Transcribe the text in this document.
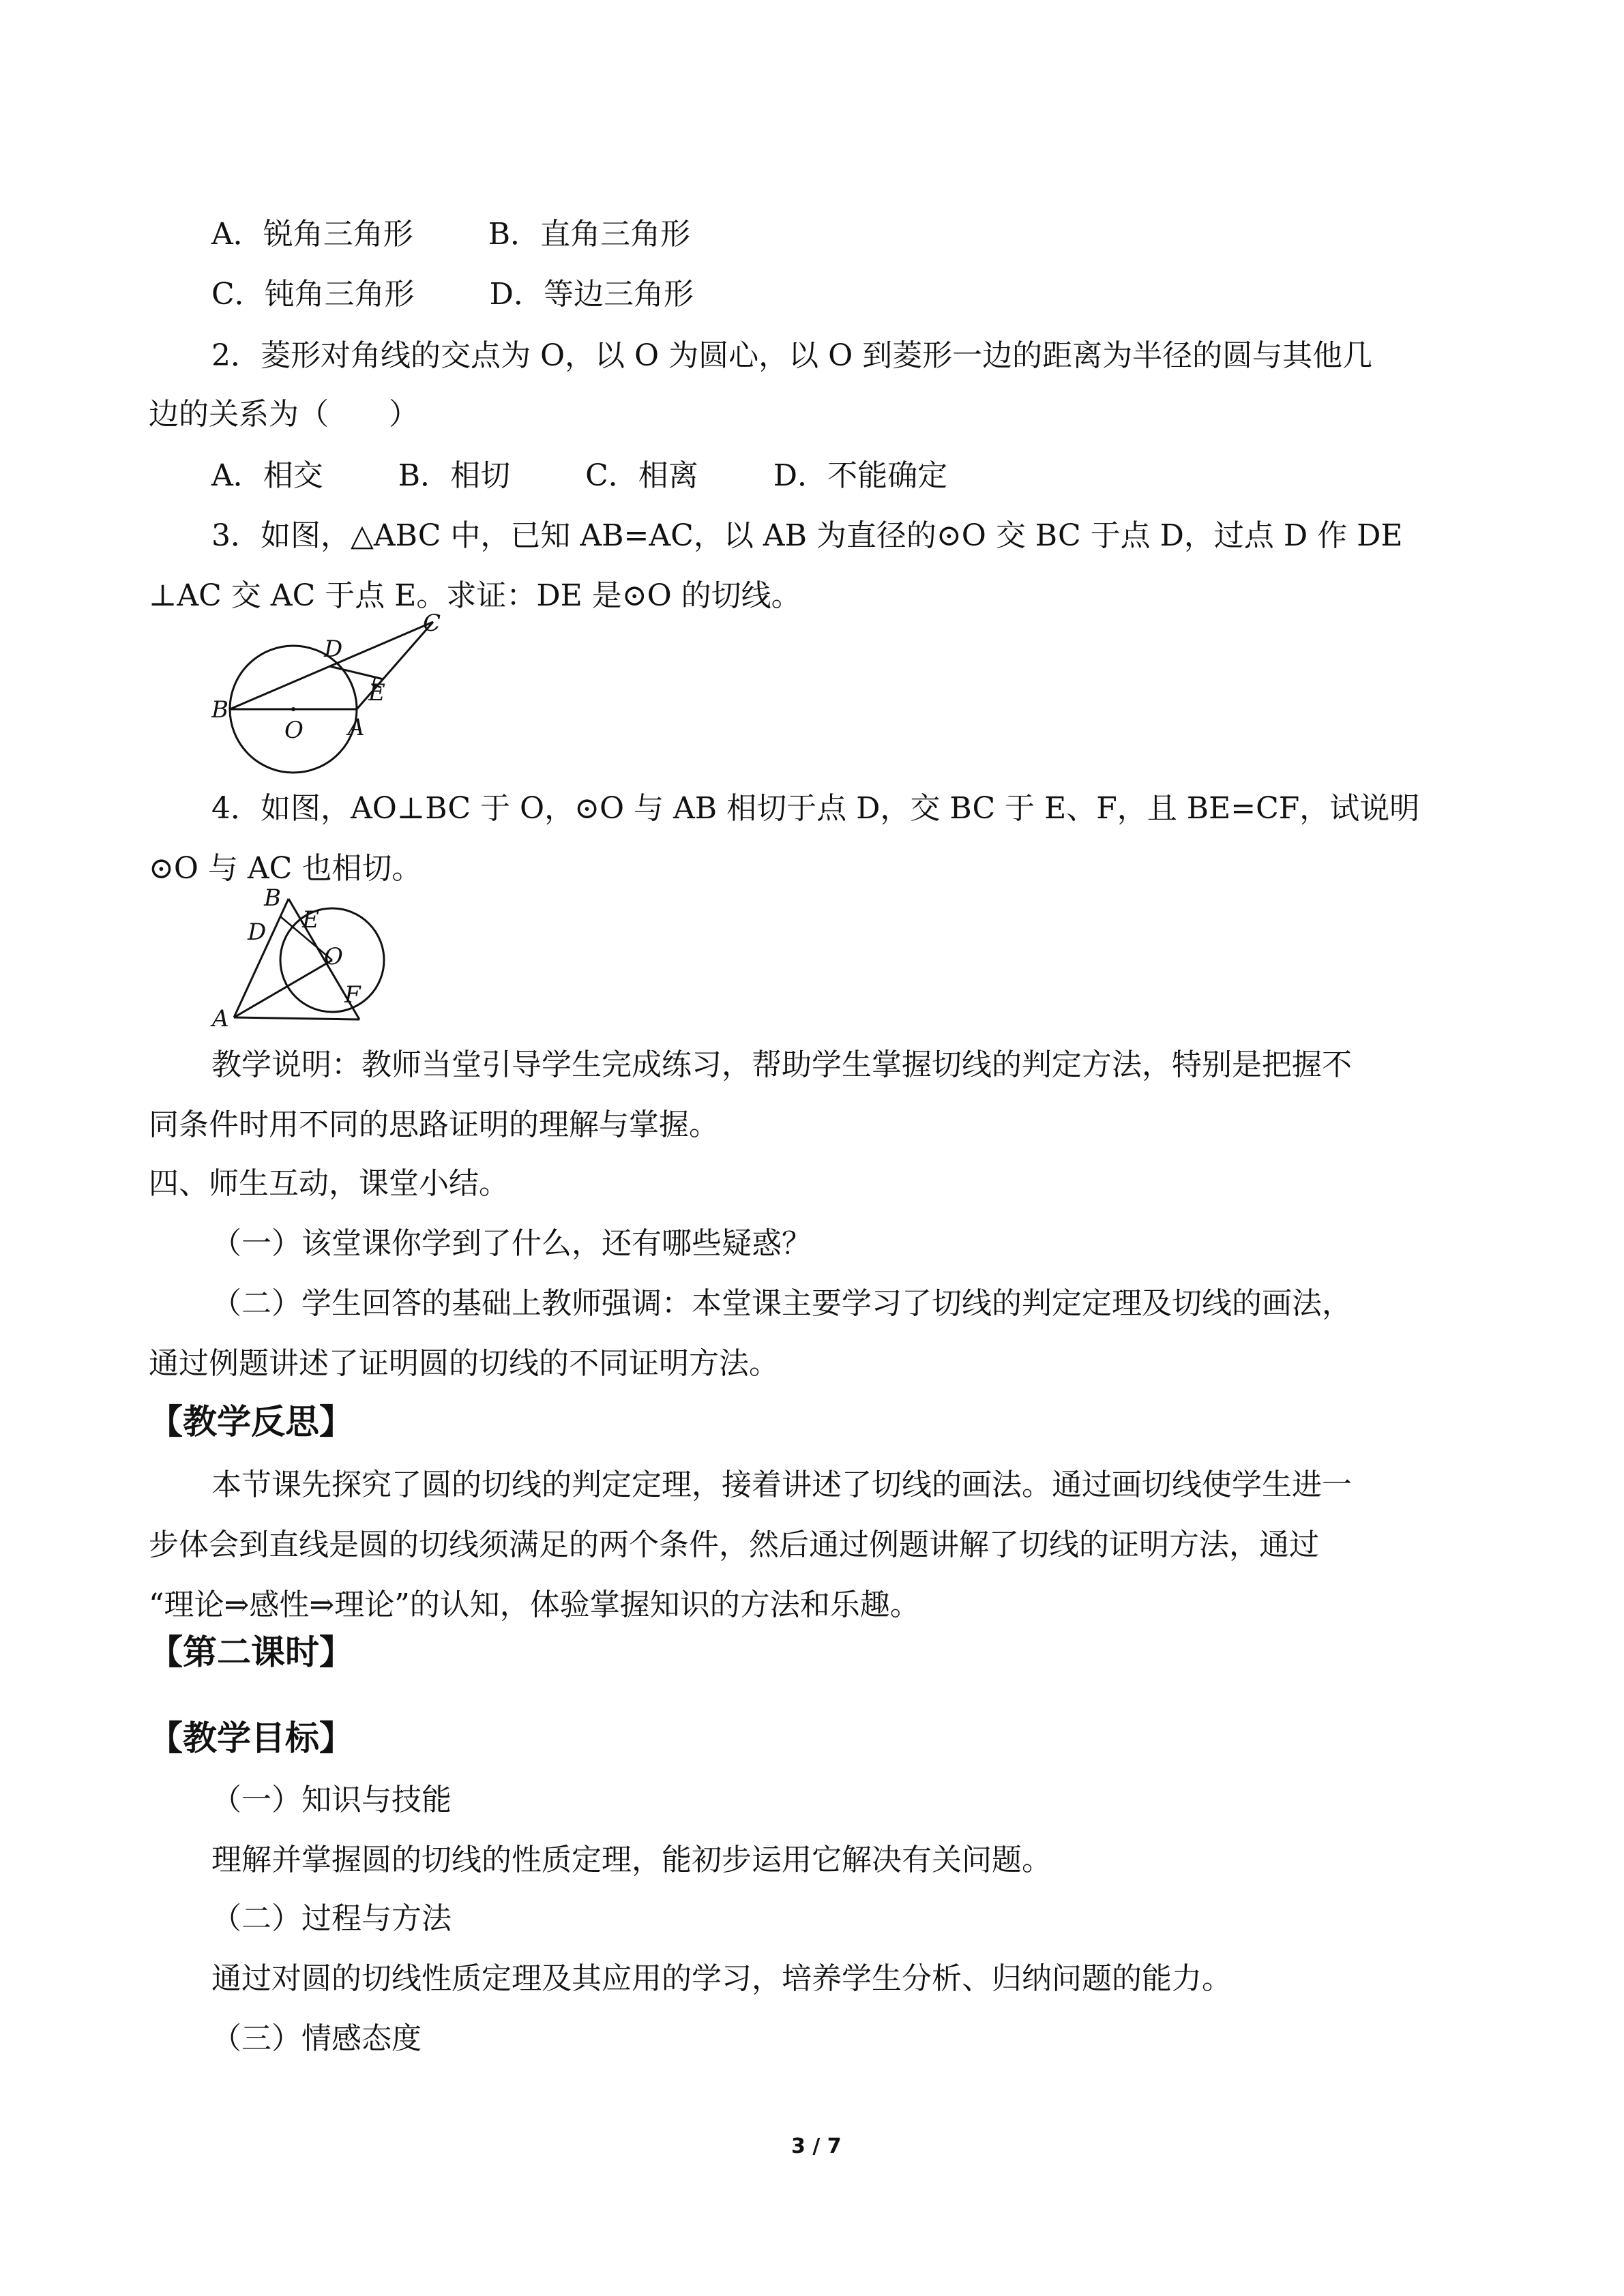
A．锐角三角形	B．直角三角形
C．钝角三角形	D．等边三角形
2．菱形对角线的交点为 O，以 O 为圆心，以 O 到菱形一边的距离为半径的圆与其他几
边的关系为（　　）
A．相交	B．相切	C．相离	D．不能确定
3．如图，△ABC 中，已知 AB=AC，以 AB 为直径的⊙O 交 BC 于点 D，过点 D 作 DE
⊥AC 交 AC 于点 E。求证：DE 是⊙O 的切线。
B
O A
D
E
C
4．如图，AO⊥BC 于 O，⊙O 与 AB 相切于点 D，交 BC 于 E、F，且 BE=CF，试说明
⊙O 与 AC 也相切。
B
D E
O
A
F
教学说明：教师当堂引导学生完成练习，帮助学生掌握切线的判定方法，特别是把握不
同条件时用不同的思路证明的理解与掌握。
四、师生互动，课堂小结。
（一）该堂课你学到了什么，还有哪些疑惑？
（二）学生回答的基础上教师强调：本堂课主要学习了切线的判定定理及切线的画法，
通过例题讲述了证明圆的切线的不同证明方法。
【教学反思】
本节课先探究了圆的切线的判定定理，接着讲述了切线的画法。通过画切线使学生进一
步体会到直线是圆的切线须满足的两个条件，然后通过例题讲解了切线的证明方法，通过
“理论⇒感性⇒理论”的认知，体验掌握知识的方法和乐趣。
【第二课时】
【教学目标】
（一）知识与技能
理解并掌握圆的切线的性质定理，能初步运用它解决有关问题。
（二）过程与方法
通过对圆的切线性质定理及其应用的学习，培养学生分析、归纳问题的能力。
（三）情感态度
3 / 7
